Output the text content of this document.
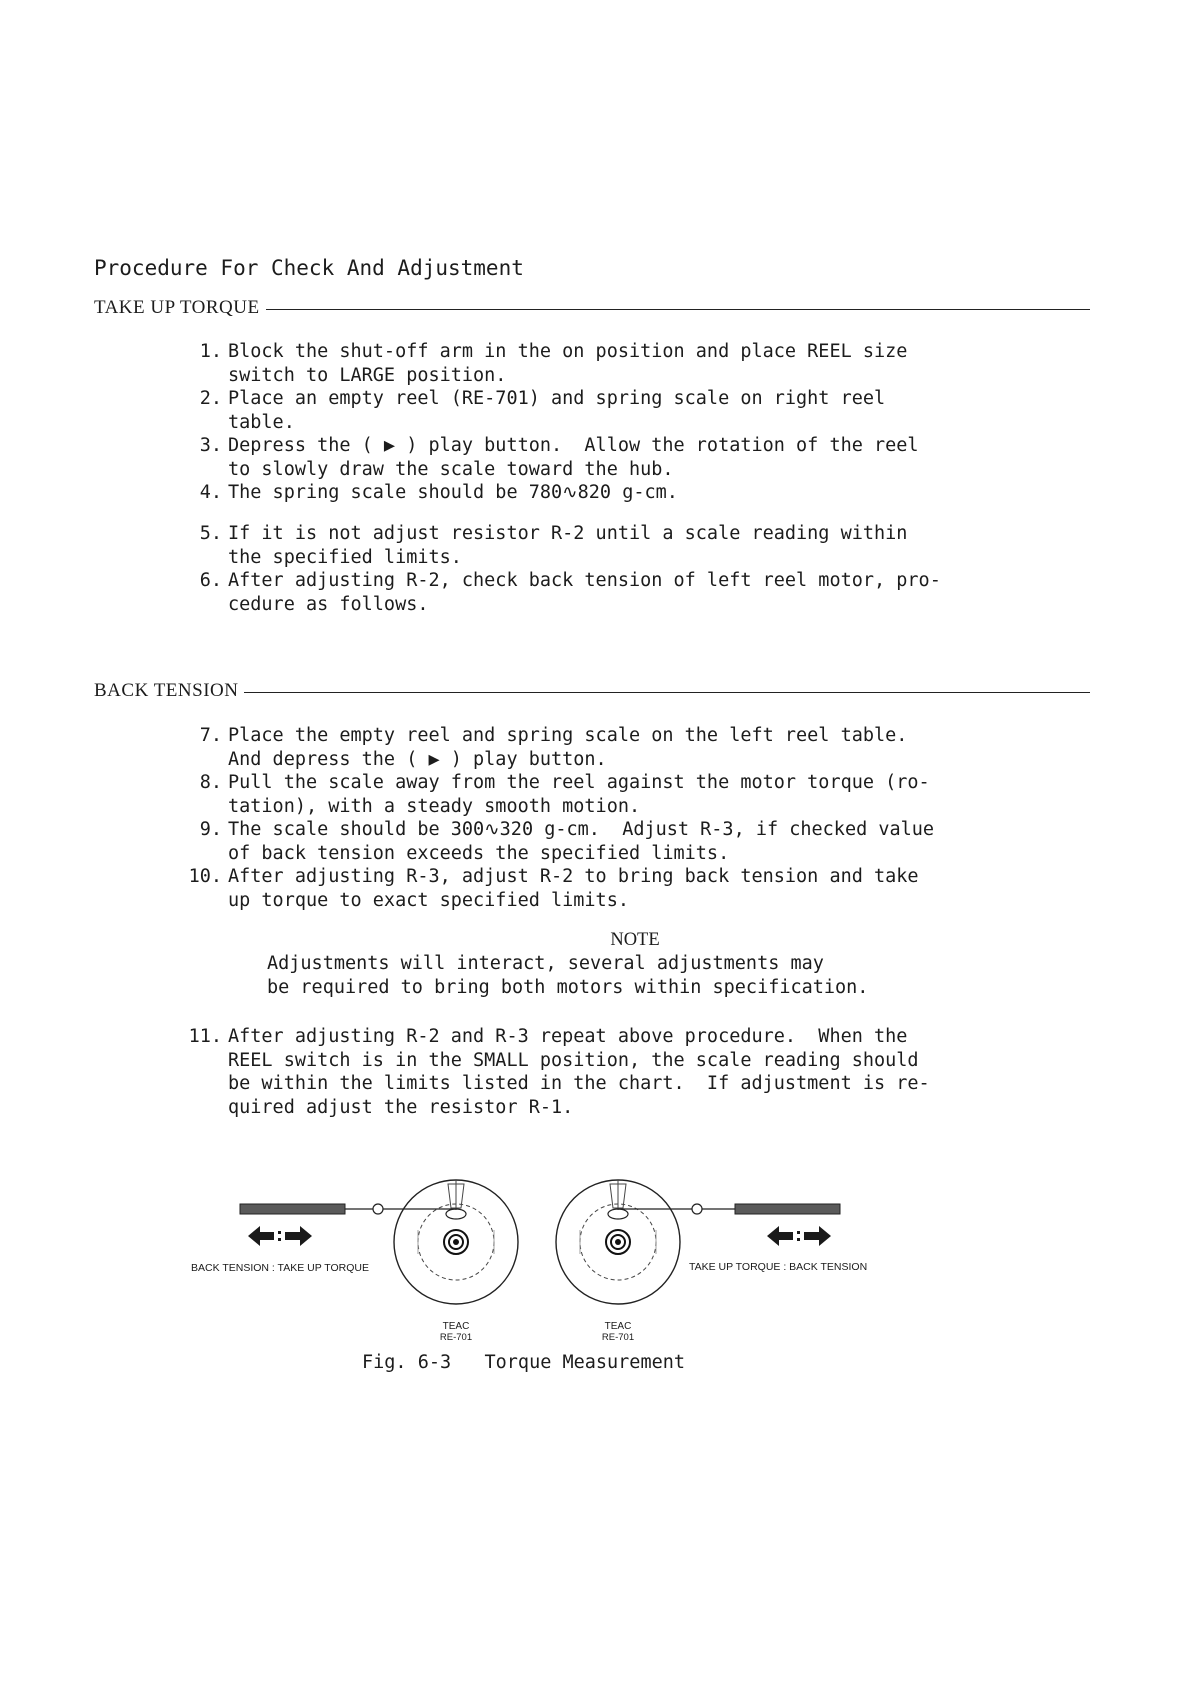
Procedure For Check And Adjustment
TAKE UP TORQUE
1. Block the shut-off arm in the on position and place REEL size
switch to LARGE position.
2. Place an empty reel (RE-701) and spring scale on right reel
table.
3. Depress the ( ▶ ) play button.  Allow the rotation of the reel
to slowly draw the scale toward the hub.
4. The spring scale should be 780∿820 g-cm.
5. If it is not adjust resistor R-2 until a scale reading within
the specified limits.
6. After adjusting R-2, check back tension of left reel motor, pro-
cedure as follows.
BACK TENSION
7. Place the empty reel and spring scale on the left reel table.
And depress the ( ▶ ) play button.
8. Pull the scale away from the reel against the motor torque (ro-
tation), with a steady smooth motion.
9. The scale should be 300∿320 g-cm.  Adjust R-3, if checked value
of back tension exceeds the specified limits.
10. After adjusting R-3, adjust R-2 to bring back tension and take
up torque to exact specified limits.
NOTE
Adjustments will interact, several adjustments may
be required to bring both motors within specification.
11. After adjusting R-2 and R-3 repeat above procedure.  When the
REEL switch is in the SMALL position, the scale reading should
be within the limits listed in the chart.  If adjustment is re-
quired adjust the resistor R-1.
BACK TENSION : TAKE UP TORQUE
TEAC
RE-701
TEAC
RE-701
TAKE UP TORQUE : BACK TENSION
Fig. 6-3   Torque Measurement
